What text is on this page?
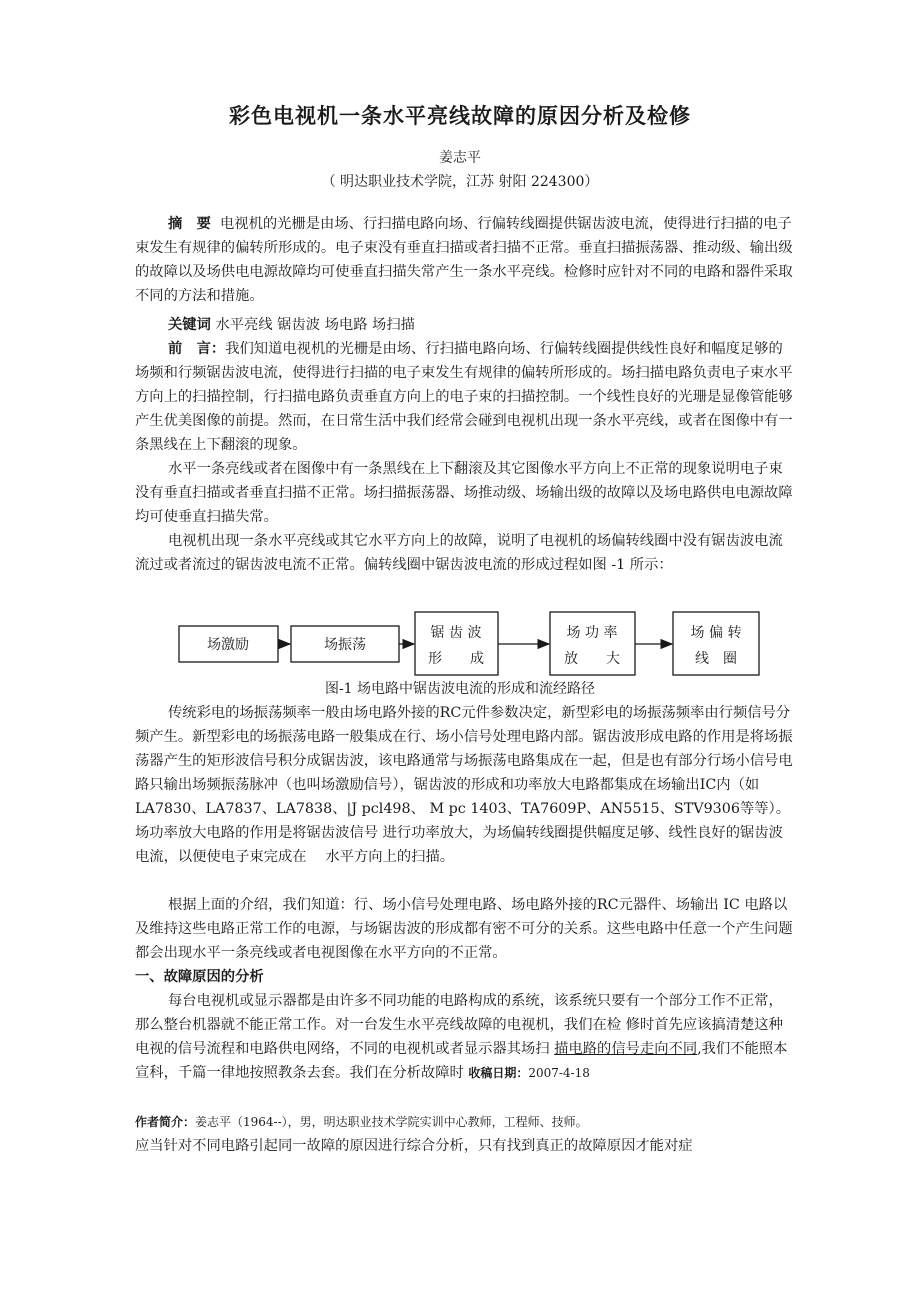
彩色电视机一条水平亮线故障的原因分析及检修
姜志平
（ 明达职业技术学院，江苏 射阳 224300）

摘　要 电视机的光栅是由场、行扫描电路向场、行偏转线圈提供锯齿波电流，使得进行扫描的电子束发生有规律的偏转所形成的。电子束没有垂直扫描或者扫描不正常。垂直扫描振荡器、推动级、输出级的故障以及场供电电源故障均可使垂直扫描失常产生一条水平亮线。检修时应针对不同的电路和器件采取不同的方法和措施。

关键词 水平亮线 锯齿波 场电路 场扫描

前　言：我们知道电视机的光栅是由场、行扫描电路向场、行偏转线圈提供线性良好和幅度足够的场频和行频锯齿波电流，使得进行扫描的电子束发生有规律的偏转所形成的。场扫描电路负责电子束水平方向上的扫描控制，行扫描电路负责垂直方向上的电子束的扫描控制。一个线性良好的光珊是显像管能够产生优美图像的前提。然而，在日常生活中我们经常会碰到电视机出现一条水平亮线，或者在图像中有一条黑线在上下翻滚的现象。

水平一条亮线或者在图像中有一条黑线在上下翻滚及其它图像水平方向上不正常的现象说明电子束没有垂直扫描或者垂直扫描不正常。场扫描振荡器、场推动级、场输出级的故障以及场电路供电电源故障均可使垂直扫描失常。

电视机出现一条水平亮线或其它水平方向上的故障，说明了电视机的场偏转线圈中没有锯齿波电流流过或者流过的锯齿波电流不正常。偏转线圈中锯齿波电流的形成过程如图 -1 所示：

场激励	场振荡
锯 齿 波
形　　成
场 功 率
放　　大
场 偏 转
线　圈
图-1 场电路中锯齿波电流的形成和流经路径

传统彩电的场振荡频率一般由场电路外接的RC元件参数决定，新型彩电的场振荡频率由行频信号分频产生。新型彩电的场振荡电路一般集成在行、场小信号处理电路内部。锯齿波形成电路的作用是将场振荡器产生的矩形波信号积分成锯齿波，该电路通常与场振荡电路集成在一起，但是也有部分行场小信号电路只输出场频振荡脉冲（也叫场激励信号），锯齿波的形成和功率放大电路都集成在场输出IC内（如LA7830、LA7837、LA7838、|J pcl498、 M pc 1403、TA7609P、AN5515、STV9306等等）。场功率放大电路的作用是将锯齿波信号 进行功率放大，为场偏转线圈提供幅度足够、线性良好的锯齿波电流，以便使电子束完成在　 水平方向上的扫描。

根据上面的介绍，我们知道：行、场小信号处理电路、场电路外接的RC元器件、场输出 IC 电路以及维持这些电路正常工作的电源，与场锯齿波的形成都有密不可分的关系。这些电路中任意一个产生问题都会出现水平一条亮线或者电视图像在水平方向的不正常。

一、故障原因的分析

每台电视机或显示器都是由许多不同功能的电路构成的系统，该系统只要有一个部分工作不正常，那么整台机器就不能正常工作。对一台发生水平亮线故障的电视机，我们在检 修时首先应该搞清楚这种电视的信号流程和电路供电网络，不同的电视机或者显示器其场扫 描电路的信号走向不同,我们不能照本宣科，千篇一律地按照教条去套。我们在分析故障时 收稿日期：2007-4-18

作者简介：姜志平（1964--），男，明达职业技术学院实训中心教师，工程师、技师。

应当针对不同电路引起同一故障的原因进行综合分析，只有找到真正的故障原因才能对症
